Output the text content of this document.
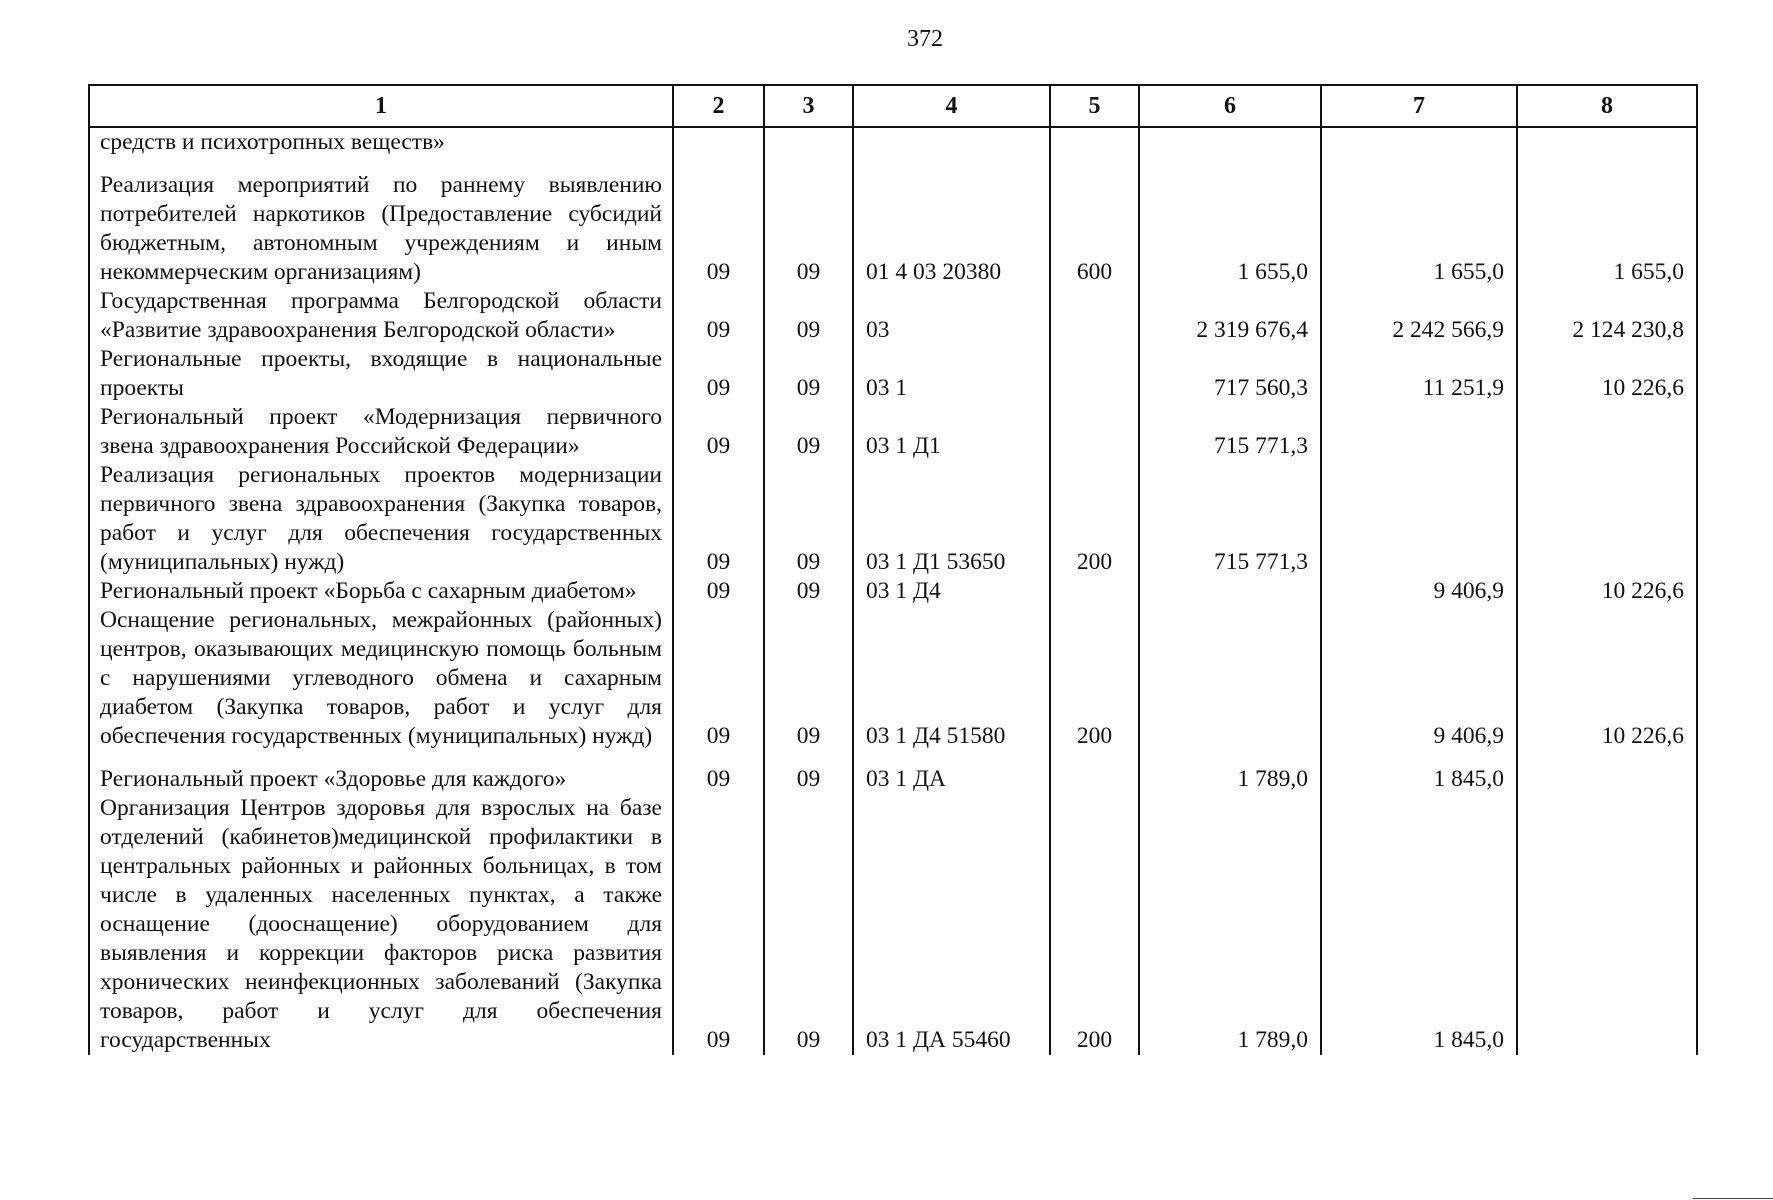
372
1	2	3	4	5	6	7	8
средств и психотропных веществ»							

Реализация мероприятий по раннему выявлению потребителей наркотиков (Предоставление субсидий бюджетным, автономным учреждениям и иным некоммерческим организациям)	09	09	01 4 03 20380	600	1 655,0	1 655,0	1 655,0
Государственная программа Белгородской области «Развитие здравоохранения Белгородской области»	09	09	03		2 319 676,4	2 242 566,9	2 124 230,8
Региональные проекты, входящие в национальные проекты	09	09	03 1		717 560,3	11 251,9	10 226,6
Региональный проект «Модернизация первичного звена здравоохранения Российской Федерации»	09	09	03 1 Д1		715 771,3		
Реализация региональных проектов модернизации первичного звена здравоохранения (Закупка товаров, работ и услуг для обеспечения государственных (муниципальных) нужд)	09	09	03 1 Д1 53650	200	715 771,3		
Региональный проект «Борьба с сахарным диабетом»	09	09	03 1 Д4			9 406,9	10 226,6
Оснащение региональных, межрайонных (районных) центров, оказывающих медицинскую помощь больным с нарушениями углеводного обмена и сахарным диабетом (Закупка товаров, работ и услуг для обеспечения государственных (муниципальных) нужд)	09	09	03 1 Д4 51580	200		9 406,9	10 226,6

Региональный проект «Здоровье для каждого»	09	09	03 1 ДА		1 789,0	1 845,0	
Организация Центров здоровья для взрослых на базе отделений (кабинетов)медицинской профилактики в центральных районных и районных больницах, в том числе в удаленных населенных пунктах, а также оснащение (дооснащение) оборудованием для выявления и коррекции факторов риска развития хронических неинфекционных заболеваний (Закупка товаров, работ и услуг для обеспечения государственных	09	09	03 1 ДА 55460	200	1 789,0	1 845,0	
